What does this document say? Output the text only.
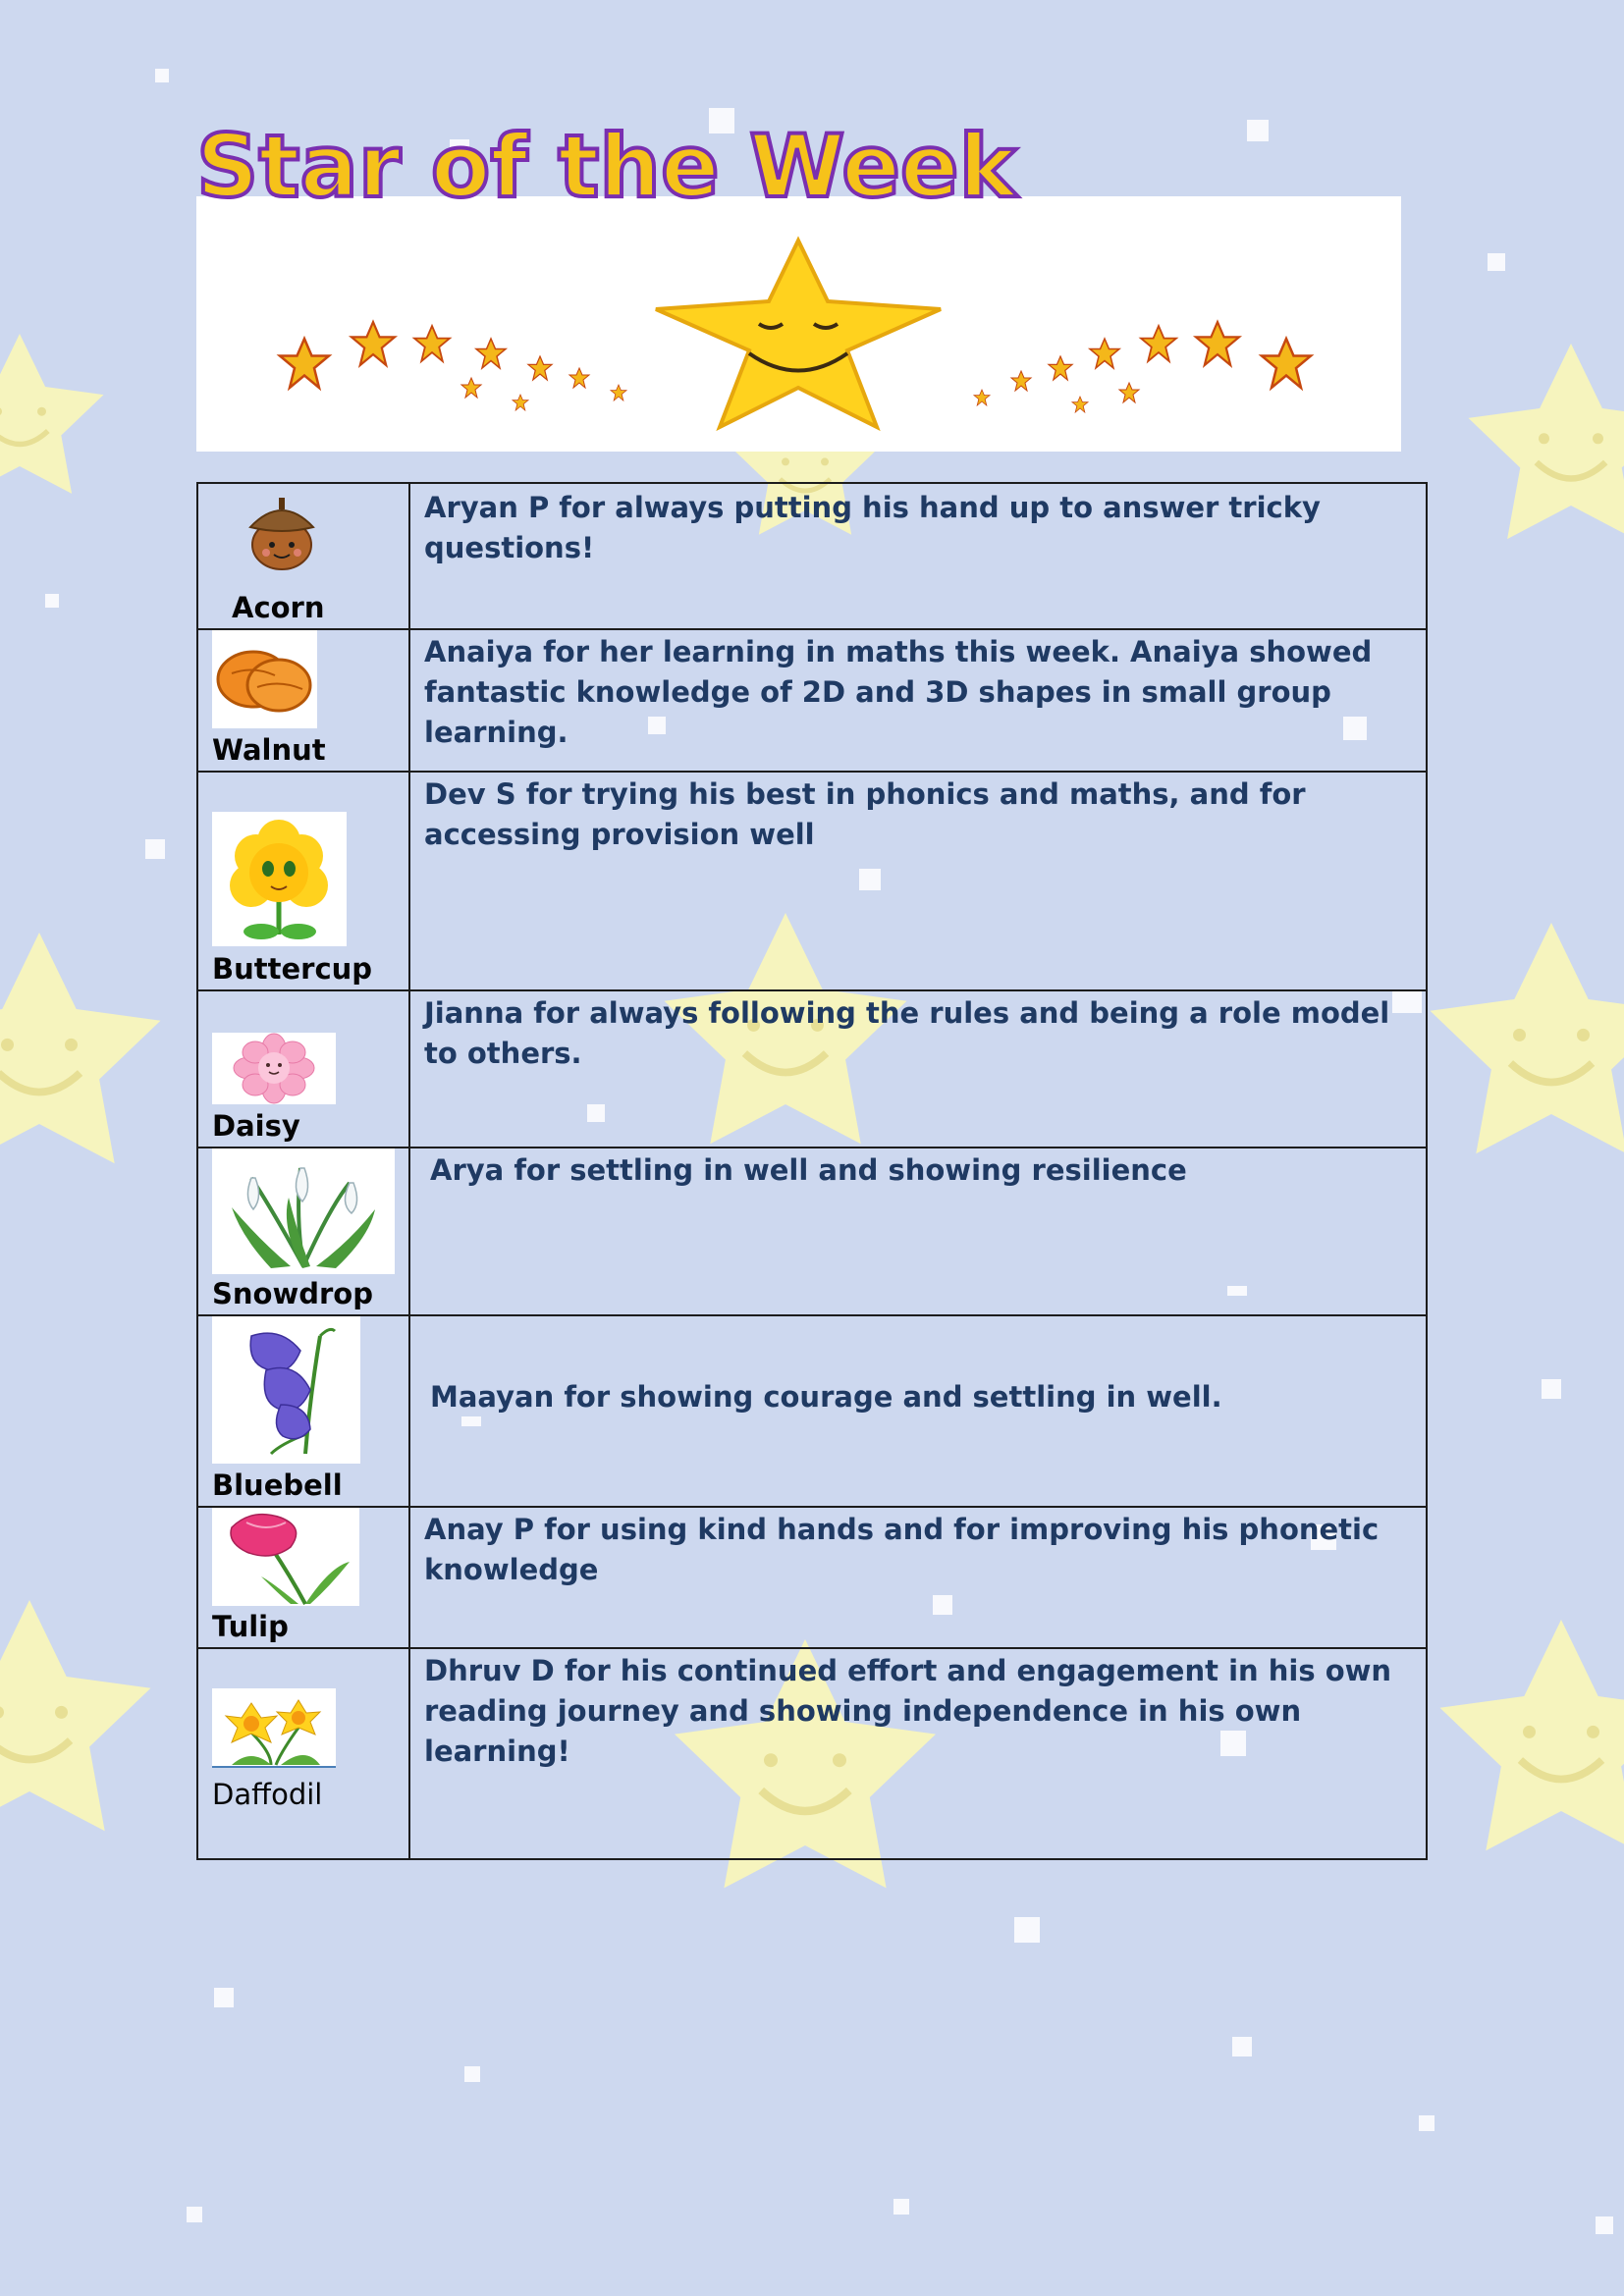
Star of the Week
Acorn	Aryan P for always putting his hand up to answer tricky questions!

Walnut	Anaiya for her learning in maths this week. Anaiya showed fantastic knowledge of 2D and 3D shapes in small group learning.

Buttercup	Dev S for trying his best in phonics and maths, and for accessing provision well

Daisy	Jianna for always following the rules and being a role model to others.

Snowdrop	Arya for settling in well and showing resilience

Bluebell	Maayan for showing courage and settling in well.

Tulip	Anay P for using kind hands and for improving his phonetic knowledge

Daffodil	Dhruv D for his continued effort and engagement in his own reading journey and showing independence in his own learning!
